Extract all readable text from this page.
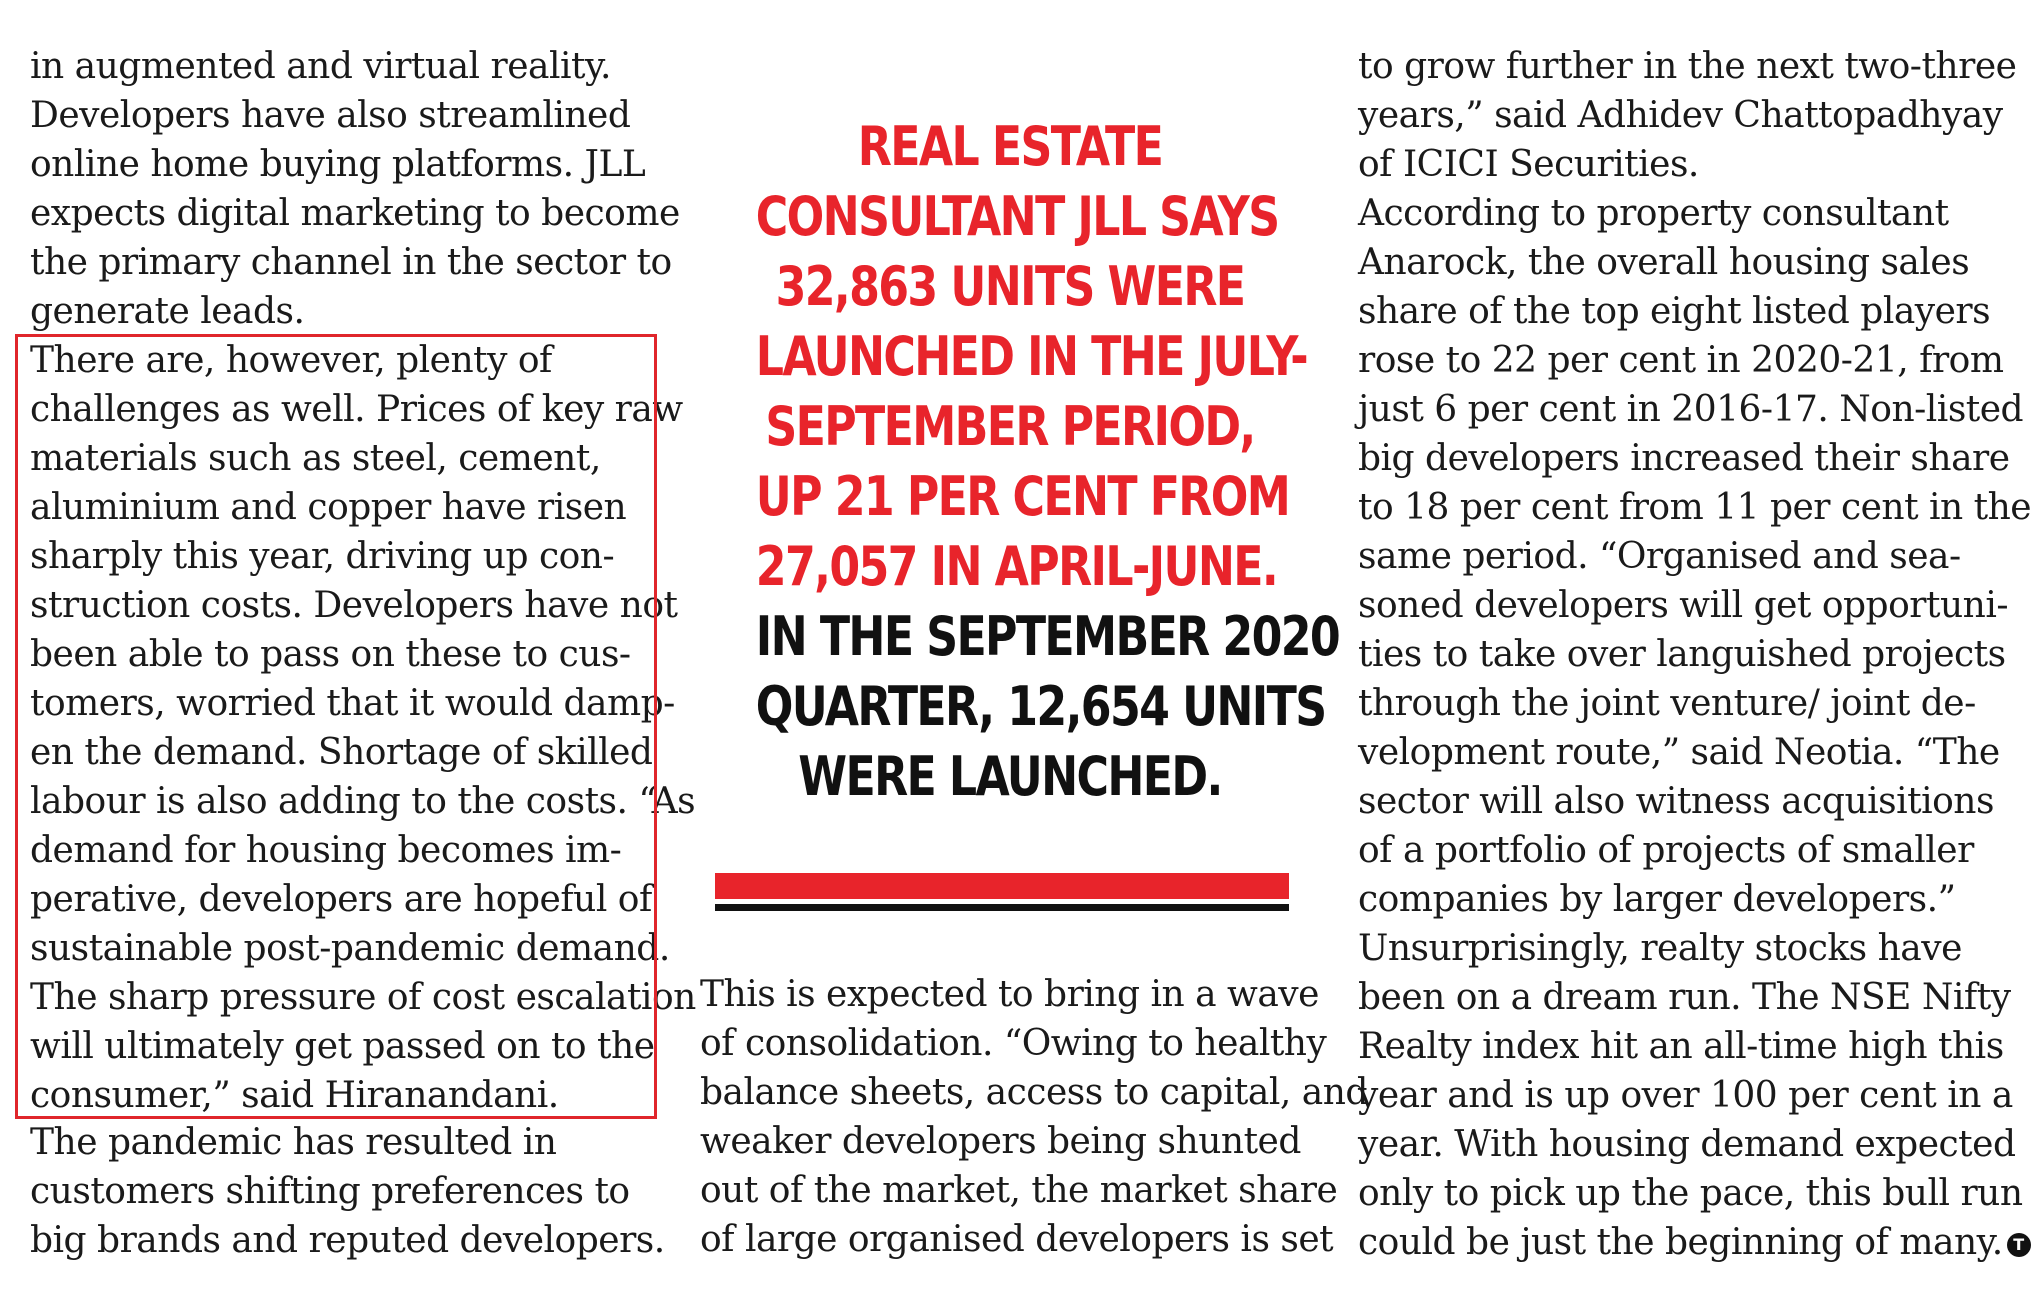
in augmented and virtual reality.
Developers have also streamlined
online home buying platforms. JLL
expects digital marketing to become
the primary channel in the sector to
generate leads.
There are, however, plenty of
challenges as well. Prices of key raw
materials such as steel, cement,
aluminium and copper have risen
sharply this year, driving up con-
struction costs. Developers have not
been able to pass on these to cus-
tomers, worried that it would damp-
en the demand. Shortage of skilled
labour is also adding to the costs. “As
demand for housing becomes im-
perative, developers are hopeful of
sustainable post-pandemic demand.
The sharp pressure of cost escalation
will ultimately get passed on to the
consumer,” said Hiranandani.
The pandemic has resulted in
customers shifting preferences to
big brands and reputed developers.
REAL ESTATE
CONSULTANT JLL SAYS
32,863 UNITS WERE
LAUNCHED IN THE JULY-
SEPTEMBER PERIOD,
UP 21 PER CENT FROM
27,057 IN APRIL-JUNE.
IN THE SEPTEMBER 2020
QUARTER, 12,654 UNITS
WERE LAUNCHED.
This is expected to bring in a wave
of consolidation. “Owing to healthy
balance sheets, access to capital, and
weaker developers being shunted
out of the market, the market share
of large organised developers is set
to grow further in the next two-three
years,” said Adhidev Chattopadhyay
of ICICI Securities.
According to property consultant
Anarock, the overall housing sales
share of the top eight listed players
rose to 22 per cent in 2020-21, from
just 6 per cent in 2016-17. Non-listed
big developers increased their share
to 18 per cent from 11 per cent in the
same period. “Organised and sea-
soned developers will get opportuni-
ties to take over languished projects
through the joint venture/ joint de-
velopment route,” said Neotia. “The
sector will also witness acquisitions
of a portfolio of projects of smaller
companies by larger developers.”
Unsurprisingly, realty stocks have
been on a dream run. The NSE Nifty
Realty index hit an all-time high this
year and is up over 100 per cent in a
year. With housing demand expected
only to pick up the pace, this bull run
could be just the beginning of many. T
